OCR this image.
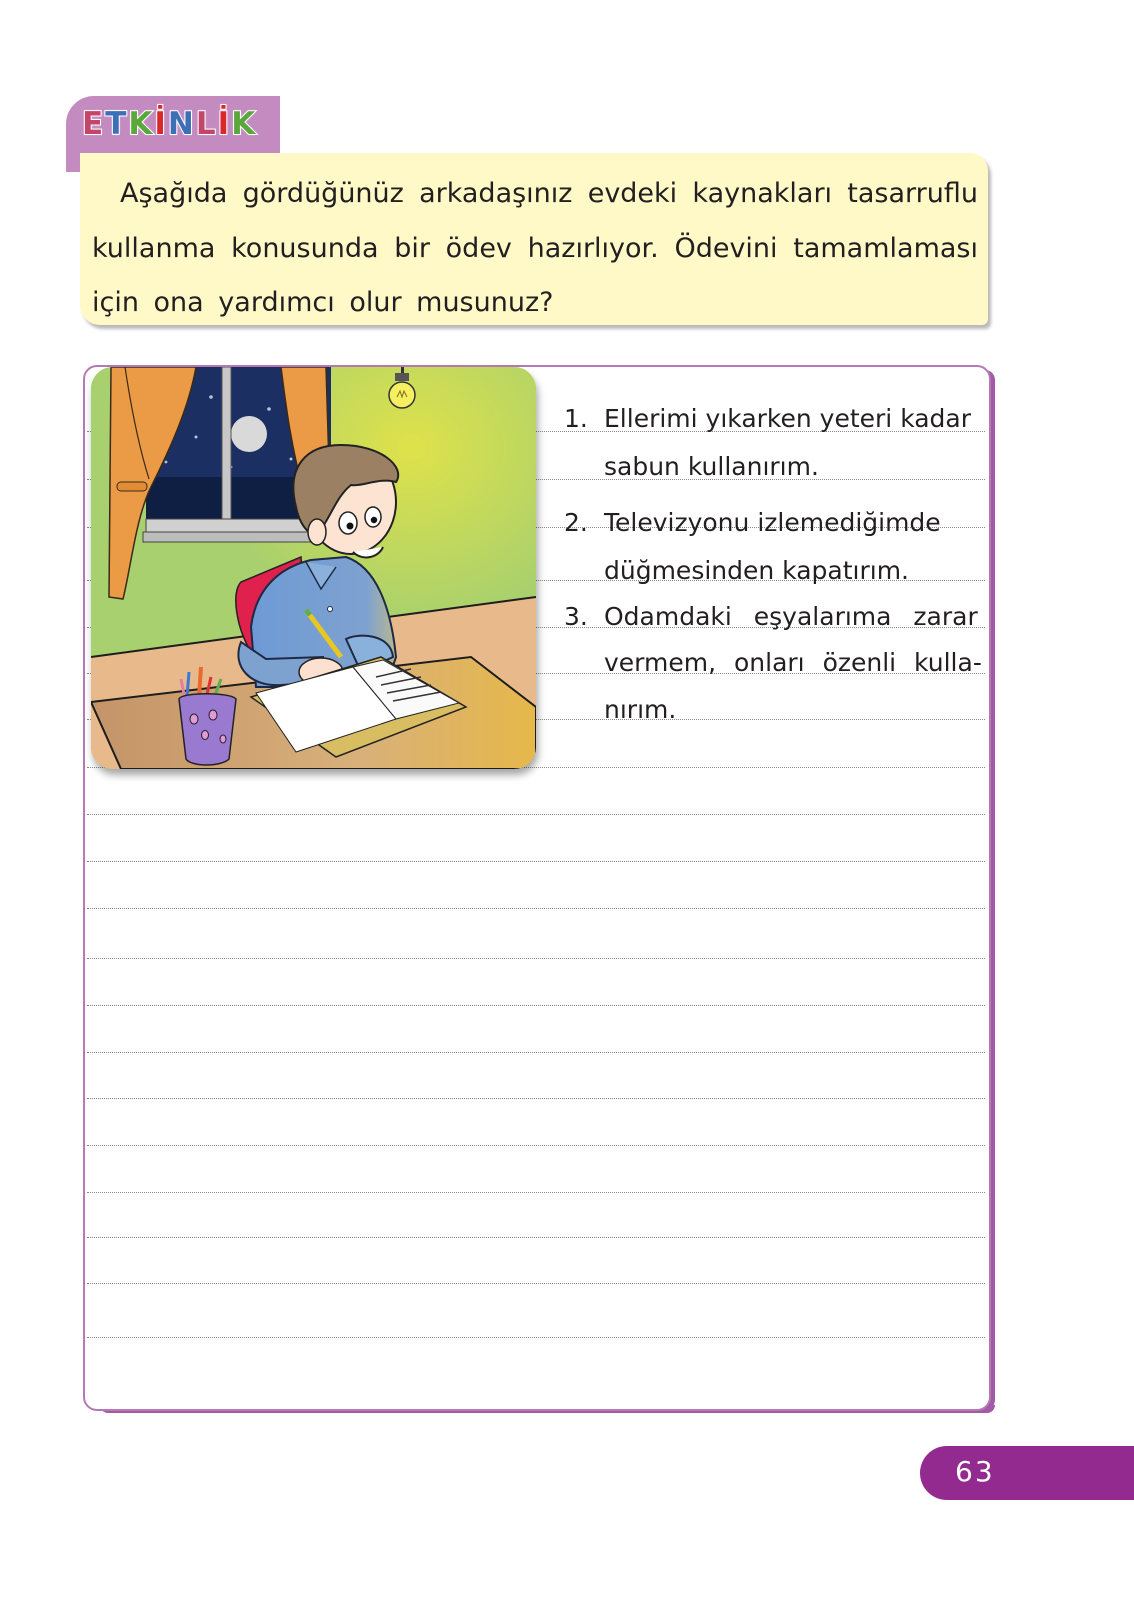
E T K İ N L İ K

Aşağıda gördüğünüz arkadaşınız evdeki kaynakları tasarruflu kullanma konusunda bir ödev hazırlıyor. Ödevini tamamlaması için ona yardımcı olur musunuz?

1. Ellerimi yıkarken yeteri kadar
sabun kullanırım.
2. Televizyonu izlemediğimde
düğmesinden kapatırım.
3. Odamdaki eşyalarıma zarar
vermem, onları özenli kulla-
nırım.
63
